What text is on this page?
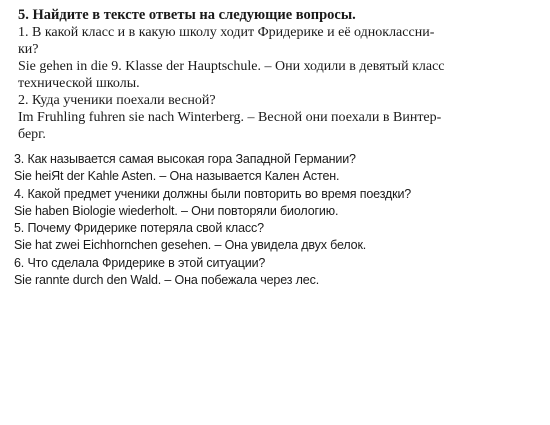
5. Найдите в тексте ответы на следующие вопросы.

1. В какой класс и в какую школу ходит Фридерике и её одноклассни-

ки?

Sie gehen in die 9. Klasse der Hauptschule. – Они ходили в девятый класс

технической школы.

2. Куда ученики поехали весной?

Im Fruhling fuhren sie nach Winterberg. – Весной они поехали в Винтер-

берг.

3. Как называется самая высокая гора Западной Германии?

Sie heiЯt der Kahle Asten. – Она называется Кален Астен.

4. Какой предмет ученики должны были повторить во время поездки?

Sie haben Biologie wiederholt. – Они повторяли биологию.

5. Почему Фридерике потеряла свой класс?

Sie hat zwei Eichhornchen gesehen. – Она увидела двух белок.

6. Что сделала Фридерике в этой ситуации?

Sie rannte durch den Wald. – Она побежала через лес.
